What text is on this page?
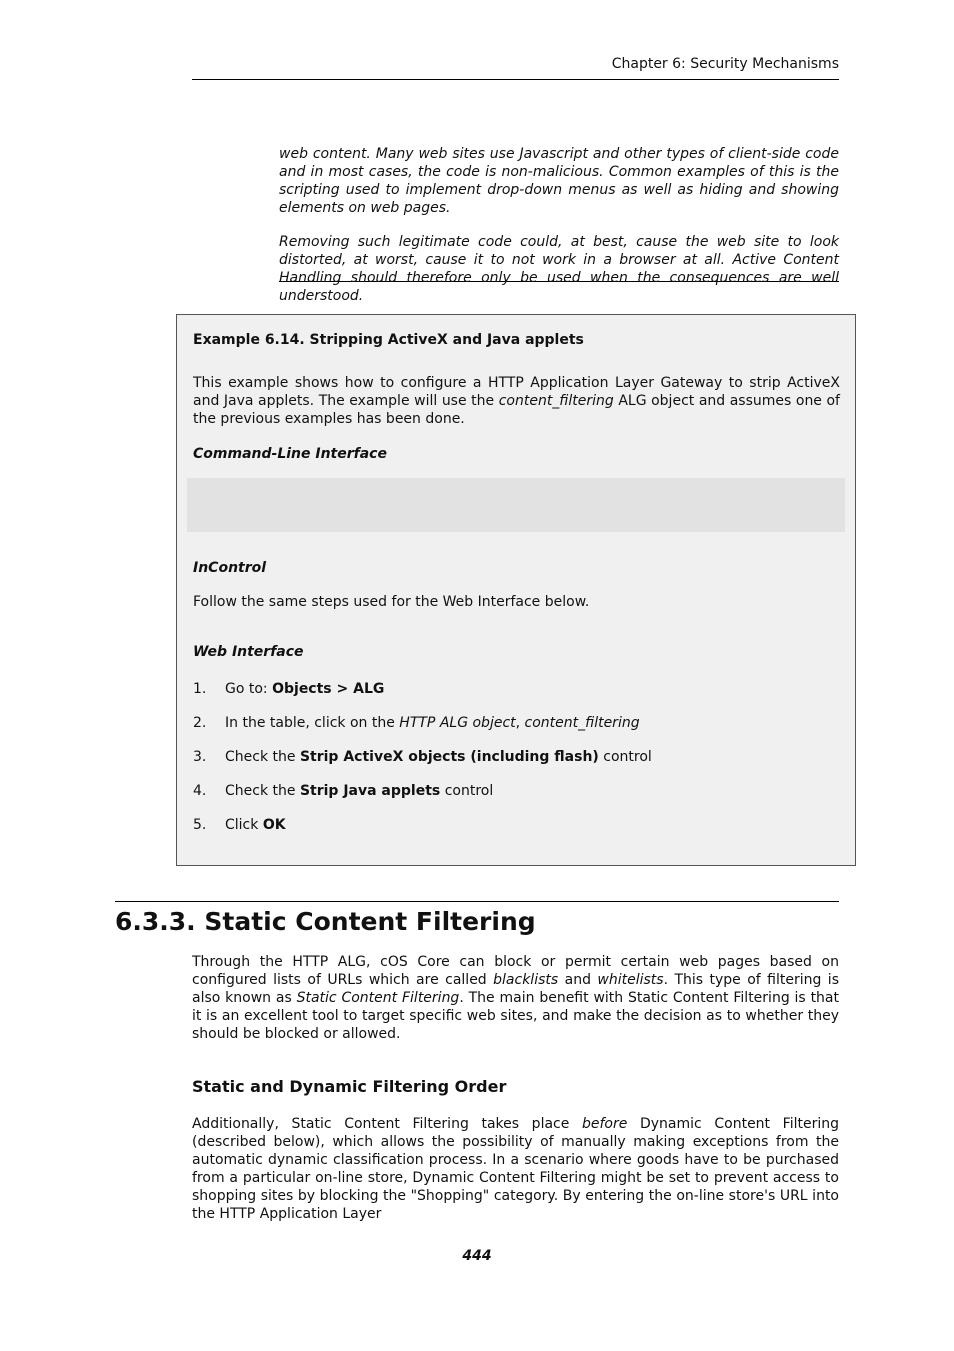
Chapter 6: Security Mechanisms

web content. Many web sites use Javascript and other types of client-side code and in most cases, the code is non-malicious. Common examples of this is the scripting used to implement drop-down menus as well as hiding and showing elements on web pages.

Removing such legitimate code could, at best, cause the web site to look distorted, at worst, cause it to not work in a browser at all. Active Content Handling should therefore only be used when the consequences are well understood.

Example 6.14. Stripping ActiveX and Java applets

This example shows how to configure a HTTP Application Layer Gateway to strip ActiveX and Java applets. The example will use the content_filtering ALG object and assumes one of the previous examples has been done.

Command-Line Interface

InControl

Follow the same steps used for the Web Interface below.

Web Interface

1.	Go to: Objects > ALG
2.	In the table, click on the HTTP ALG object, content_filtering
3.	Check the Strip ActiveX objects (including flash) control
4.	Check the Strip Java applets control
5.	Click OK
6.3.3. Static Content Filtering

Through the HTTP ALG, cOS Core can block or permit certain web pages based on configured lists of URLs which are called blacklists and whitelists. This type of filtering is also known as Static Content Filtering. The main benefit with Static Content Filtering is that it is an excellent tool to target specific web sites, and make the decision as to whether they should be blocked or allowed.

Static and Dynamic Filtering Order

Additionally, Static Content Filtering takes place before Dynamic Content Filtering (described below), which allows the possibility of manually making exceptions from the automatic dynamic classification process. In a scenario where goods have to be purchased from a particular on-line store, Dynamic Content Filtering might be set to prevent access to shopping sites by blocking the "Shopping" category. By entering the on-line store's URL into the HTTP Application Layer

444
